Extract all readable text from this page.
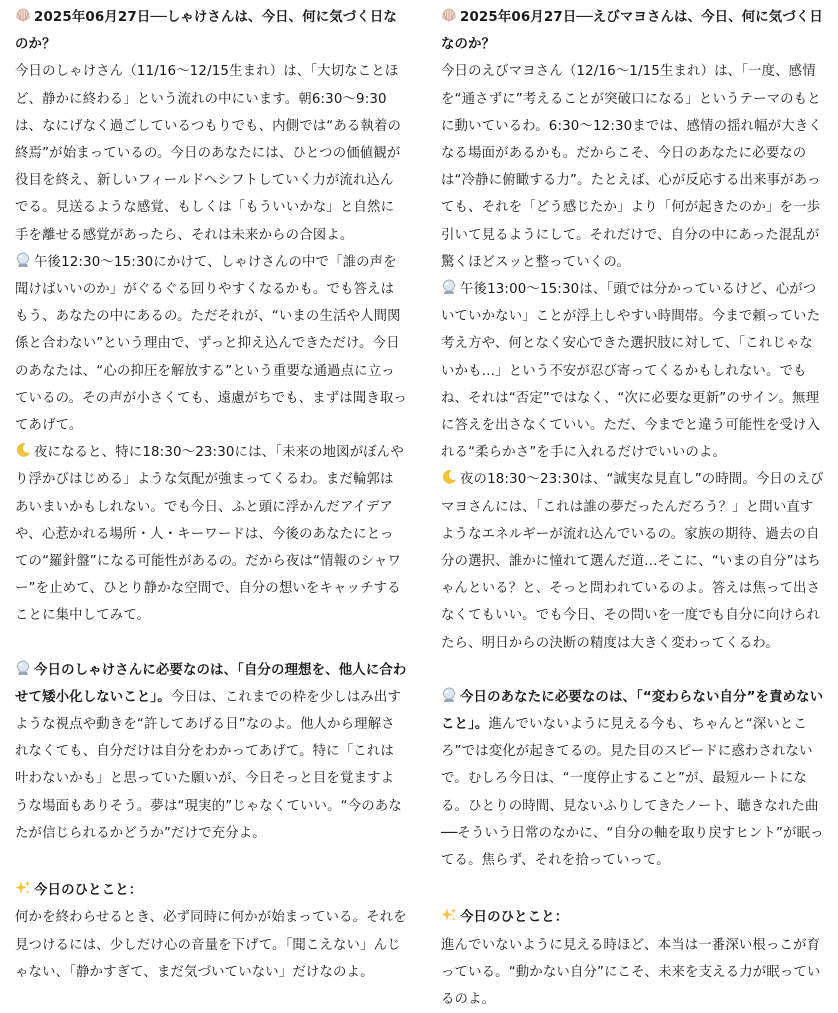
2025年06月27日──しゃけさんは、今日、何に気づく日なのか？

今日のしゃけさん（11/16〜12/15生まれ）は、「大切なことほど、静かに終わる」という流れの中にいます。朝6:30〜9:30は、なにげなく過ごしているつもりでも、内側では“ある執着の終焉”が始まっているの。今日のあなたには、ひとつの価値観が役目を終え、新しいフィールドへシフトしていく力が流れ込んでる。見送るような感覚、もしくは「もういいかな」と自然に手を離せる感覚があったら、それは未来からの合図よ。

午後12:30〜15:30にかけて、しゃけさんの中で「誰の声を聞けばいいのか」がぐるぐる回りやすくなるかも。でも答えはもう、あなたの中にあるの。ただそれが、“いまの生活や人間関係と合わない”という理由で、ずっと抑え込んできただけ。今日のあなたは、“心の抑圧を解放する”という重要な通過点に立っているの。その声が小さくても、遠慮がちでも、まずは聞き取ってあげて。

夜になると、特に18:30〜23:30には、「未来の地図がぼんやり浮かびはじめる」ような気配が強まってくるわ。まだ輪郭はあいまいかもしれない。でも今日、ふと頭に浮かんだアイデアや、心惹かれる場所・人・キーワードは、今後のあなたにとっての“羅針盤”になる可能性があるの。だから夜は“情報のシャワー”を止めて、ひとり静かな空間で、自分の想いをキャッチすることに集中してみて。

今日のしゃけさんに必要なのは、「自分の理想を、他人に合わせて矮小化しないこと」。今日は、これまでの枠を少しはみ出すような視点や動きを“許してあげる日”なのよ。他人から理解されなくても、自分だけは自分をわかってあげて。特に「これは叶わないかも」と思っていた願いが、今日そっと目を覚ますような場面もありそう。夢は“現実的”じゃなくていい。“今のあなたが信じられるかどうか”だけで充分よ。

今日のひとこと：

何かを終わらせるとき、必ず同時に何かが始まっている。それを見つけるには、少しだけ心の音量を下げて。「聞こえない」んじゃない、「静かすぎて、まだ気づいていない」だけなのよ。

2025年06月27日──えびマヨさんは、今日、何に気づく日なのか？

今日のえびマヨさん（12/16〜1/15生まれ）は、「一度、感情を“通さずに”考えることが突破口になる」というテーマのもとに動いているわ。6:30〜12:30までは、感情の揺れ幅が大きくなる場面があるかも。だからこそ、今日のあなたに必要なのは“冷静に俯瞰する力”。たとえば、心が反応する出来事があっても、それを「どう感じたか」より「何が起きたのか」を一歩引いて見るようにして。それだけで、自分の中にあった混乱が驚くほどスッと整っていくの。

午後13:00〜15:30は、「頭では分かっているけど、心がついていかない」ことが浮上しやすい時間帯。今まで頼っていた考え方や、何となく安心できた選択肢に対して、「これじゃないかも…」という不安が忍び寄ってくるかもしれない。でもね、それは“否定”ではなく、“次に必要な更新”のサイン。無理に答えを出さなくていい。ただ、今までと違う可能性を受け入れる“柔らかさ”を手に入れるだけでいいのよ。

夜の18:30〜23:30は、“誠実な見直し”の時間。今日のえびマヨさんには、「これは誰の夢だったんだろう？」と問い直すようなエネルギーが流れ込んでいるの。家族の期待、過去の自分の選択、誰かに憧れて選んだ道…そこに、“いまの自分”はちゃんといる？と、そっと問われているのよ。答えは焦って出さなくてもいい。でも今日、その問いを一度でも自分に向けられたら、明日からの決断の精度は大きく変わってくるわ。

今日のあなたに必要なのは、「“変わらない自分”を責めないこと」。進んでいないように見える今も、ちゃんと“深いところ”では変化が起きてるの。見た目のスピードに惑わされないで。むしろ今日は、“一度停止すること”が、最短ルートになる。ひとりの時間、見ないふりしてきたノート、聴きなれた曲──そういう日常のなかに、“自分の軸を取り戻すヒント”が眠ってる。焦らず、それを拾っていって。

今日のひとこと：

進んでいないように見える時ほど、本当は一番深い根っこが育っている。“動かない自分”にこそ、未来を支える力が眠っているのよ。
